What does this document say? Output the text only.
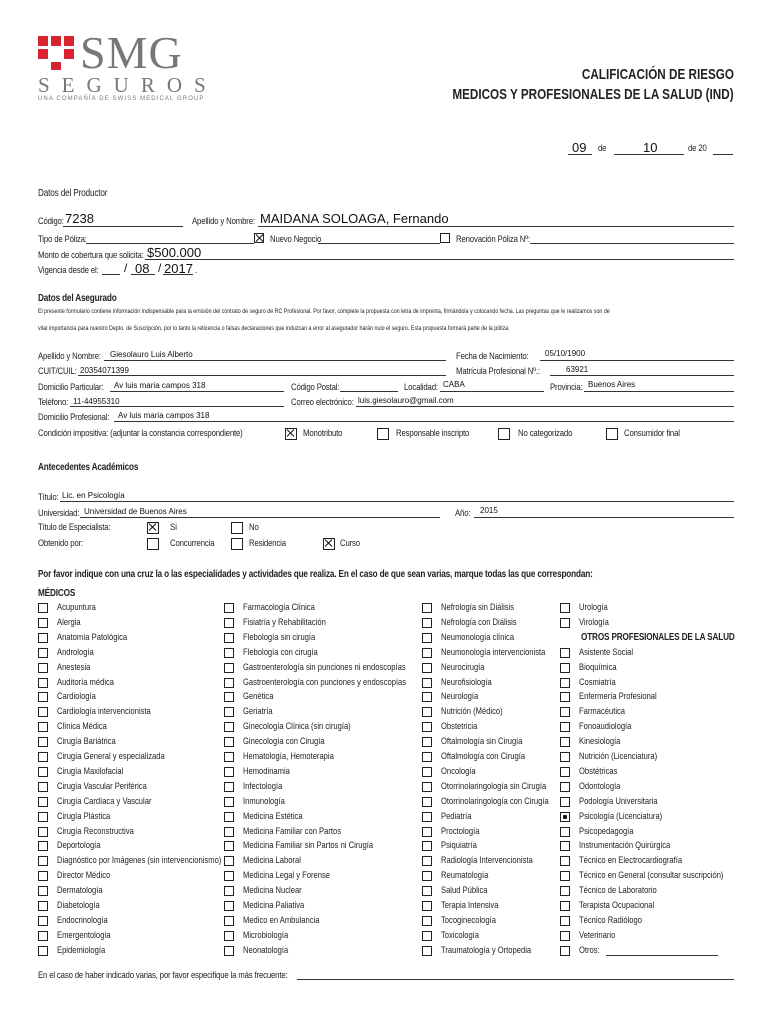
SMG
SEGUROS
UNA COMPAÑÍA DE SWISS MEDICAL GROUP
CALIFICACIÓN DE RIESGO
MEDICOS Y PROFESIONALES DE LA SALUD (IND)
09 de	10	de 20
Datos del Productor
Código: 7238	Apellido y Nombre: MAIDANA SOLOAGA, Fernando
Tipo de Póliza:	Nuevo Negocio	Renovación Póliza Nº:
Monto de cobertura que solicita: $500.000
Vigencia desde el: / 08 / 2017 .
Datos del Asegurado
El presente formulario contiene información indispensable para la emisión del contrato de seguro de RC Profesional. Por favor, complete la propuesta con letra de imprenta, firmándola y colocando fecha. Las preguntas que le realizamos son de
vital importancia para nuestro Depto. de Suscripción, por lo tanto la reticencia o falsas declaraciones que induzcan a error al asegurador harán nulo el seguro. Esta propuesta formará parte de la póliza.
Apellido y Nombre: Giesolauro Luis Alberto	Fecha de Nacimiento: 05/10/1900
CUIT/CUIL: 20354071399	Matrícula Profesional Nº.:	63921
Domicilio Particular: Av luis maria campos 318	Código Postal:	Localidad: CABA	Provincia: Buenos Aires
Teléfono: 11-44955310	Correo electrónico: luis.giesolauro@gmail.com
Domicilio Profesional: Av luis maria campos 318
Condición impositiva: (adjuntar la constancia correspondiente)	Monotributo	Responsable inscripto	No categorizado	Consumidor final
Antecedentes Académicos
Título: Lic. en Psicología
Universidad: Universidad de Buenos Aires	Año: 2015
Título de Especialista:	Sí	No
Obtenido por:	Concurrencia	Residencia	Curso
Por favor indique con una cruz la o las especialidades y actividades que realiza. En el caso de que sean varias, marque todas las que correspondan:
MÉDICOS
Acupuntura
Alergia
Anatomía Patológica
Andrología
Anestesia
Auditoría médica
Cardiología
Cardiología intervencionista
Clínica Médica
Cirugía Bariátrica
Cirugía General y especializada
Cirugía Maxilofacial
Cirugía Vascular Periférica
Cirugía Cardíaca y Vascular
Cirugía Plástica
Cirugía Reconstructiva
Deportología
Diagnóstico por Imágenes (sin intervencionismo)
Director Médico
Dermatología
Diabetología
Endocrinología
Emergentología
Epidemiología
Farmacología Clínica
Fisiatría y Rehabilitación
Flebología sin cirugía
Flebología con cirugía
Gastroenterología sin punciones ni endoscopías
Gastroenterología con punciones y endoscopías
Genética
Geriatría
Ginecología Clínica (sin cirugía)
Ginecología con Cirugía
Hematología, Hemoterapia
Hemodinamia
Infectología
Inmunología
Medicina Estética
Medicina Familiar con Partos
Medicina Familiar sin Partos ni Cirugía
Medicina Laboral
Medicina Legal y Forense
Medicina Nuclear
Medicina Paliativa
Medico en Ambulancia
Microbiología
Neonatología
Nefrología sin Diálisis
Nefrología con Diálisis
Neumonología clínica
Neumonología intervencionista
Neurocirugía
Neurofisiología
Neurología
Nutrición (Médico)
Obstetricia
Oftalmología sin Cirugía
Oftalmología con Cirugía
Oncología
Otorrinolaringología sin Cirugía
Otorrinolaringología con Cirugía
Pediatría
Proctología
Psiquiatría
Radiología Intervencionista
Reumatología
Salud Pública
Terapia Intensiva
Tocoginecología
Toxicología
Traumatología y Ortopedia
Urología
Virología
OTROS PROFESIONALES DE LA SALUD
Asistente Social
Bioquímica
Cosmiatría
Enfermería Profesional
Farmacéutica
Fonoaudiología
Kinesiología
Nutrición (Licenciatura)
Obstétricas
Odontología
Podología Universitaria
Psicología (Licenciatura)
Psicopedagogía
Instrumentación Quirúrgica
Técnico en Electrocardiografía
Técnico en General (consultar suscripción)
Técnico de Laboratorio
Terapista Ocupacional
Técnico Radiólogo
Veterinario
Otros:
En el caso de haber indicado varias, por favor especifique la más frecuente:
